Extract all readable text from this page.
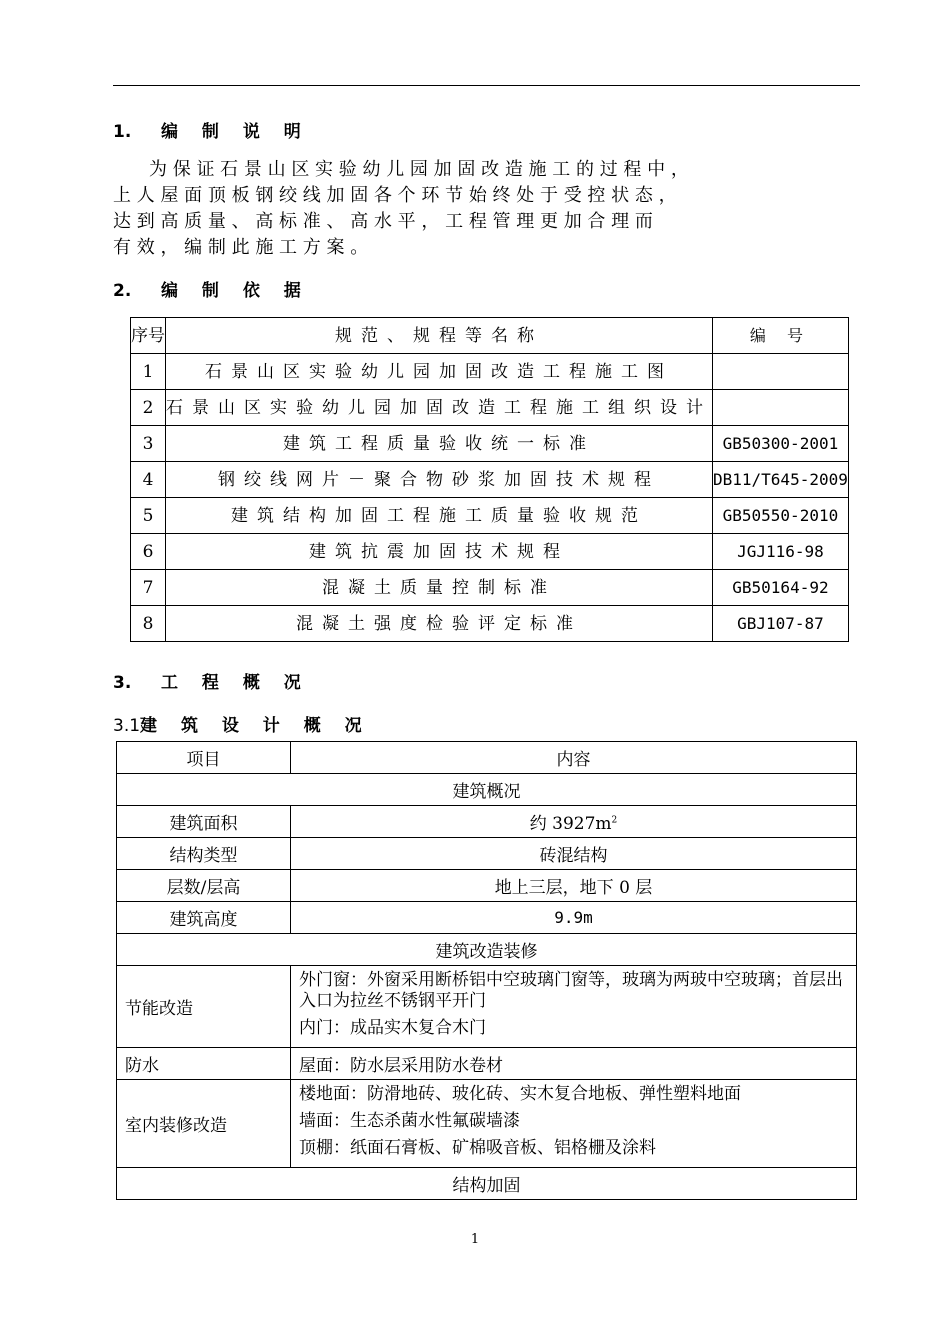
1. 编 制 说 明
　　为 保 证 石 景 山 区 实 验 幼 儿 园 加 固 改 造 施 工 的 过 程 中 ，
上 人 屋 面 顶 板 钢 绞 线 加 固 各 个 环 节 始 终 处 于 受 控 状 态 ，
达 到 高 质 量 、 高 标 准 、 高 水 平 ， 工 程 管 理 更 加 合 理 而
有 效 ， 编 制 此 施 工 方 案 。
2. 编 制 依 据
序号	规范、规程等名称	编 号

1	石景山区实验幼儿园加固改造工程施工图	

2	石景山区实验幼儿园加固改造工程施工组织设计	

3	建筑工程质量验收统一标准	GB50300-2001

4	钢绞线网片－聚合物砂浆加固技术规程	DB11/T645-2009

5	建筑结构加固工程施工质量验收规范	GB50550-2010

6	建筑抗震加固技术规程	JGJ116-98

7	混凝土质量控制标准	GB50164-92

8	混凝土强度检验评定标准	GBJ107-87
3. 工 程 概 况
3.1建 筑 设 计 概 况
项目	内容
建筑概况	
建筑面积	约 $3927m^2$
结构类型	砖混结构
层数/层高	地上三层，地下 0 层
建筑高度	9.9m
建筑改造装修	
节能改造	外门窗：外窗采用断桥铝中空玻璃门窗等，玻璃为两玻中空玻璃；首层出入口为拉丝不锈钢平开门
内门：成品实木复合木门

防水	屋面：防水层采用防水卷材
室内装修改造	楼地面：防滑地砖、玻化砖、实木复合地板、弹性塑料地面
墙面：生态杀菌水性氟碳墙漆
顶棚：纸面石膏板、矿棉吸音板、铝格栅及涂料

结构加固	
1
